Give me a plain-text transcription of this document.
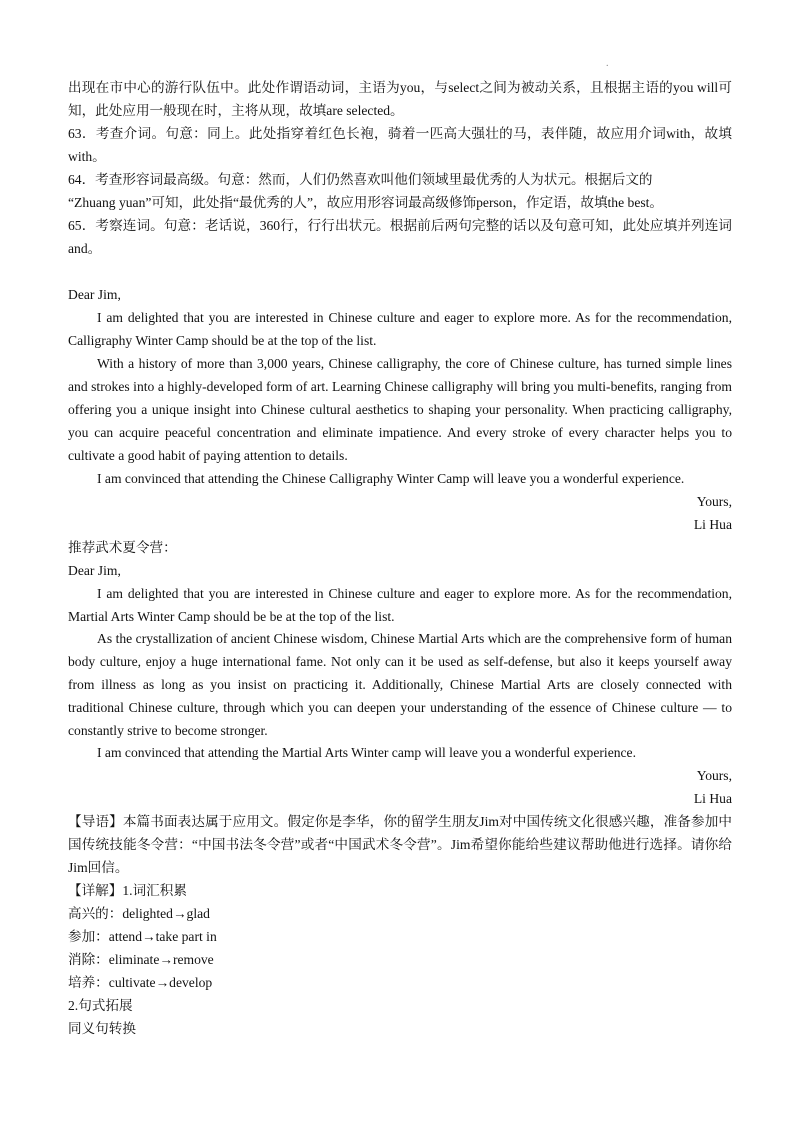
.

出现在市中心的游行队伍中。此处作谓语动词，主语为you，与select之间为被动关系，且根据主语的you will可知，此处应用一般现在时，主将从现，故填are selected。

63．考查介词。句意：同上。此处指穿着红色长袍，骑着一匹高大强壮的马，表伴随，故应用介词with，故填with。

64．考查形容词最高级。句意：然而，人们仍然喜欢叫他们领域里最优秀的人为状元。根据后文的

“Zhuang yuan”可知，此处指“最优秀的人”，故应用形容词最高级修饰person，作定语，故填the best。

65．考察连词。句意：老话说，360行，行行出状元。根据前后两句完整的话以及句意可知，此处应填并列连词and。

Dear Jim,

I am delighted that you are interested in Chinese culture and eager to explore more. As for the recommendation, Calligraphy Winter Camp should be at the top of the list.

With a history of more than 3,000 years, Chinese calligraphy, the core of Chinese culture, has turned simple lines and strokes into a highly-developed form of art. Learning Chinese calligraphy will bring you multi-benefits, ranging from offering you a unique insight into Chinese cultural aesthetics to shaping your personality. When practicing calligraphy, you can acquire peaceful concentration and eliminate impatience. And every stroke of every character helps you to cultivate a good habit of paying attention to details.

I am convinced that attending the Chinese Calligraphy Winter Camp will leave you a wonderful experience.

Yours,

Li Hua

推荐武术夏令营：

Dear Jim,

I am delighted that you are interested in Chinese culture and eager to explore more. As for the recommendation, Martial Arts Winter Camp should be be at the top of the list.

As the crystallization of ancient Chinese wisdom, Chinese Martial Arts which are the comprehensive form of human body culture, enjoy a huge international fame. Not only can it be used as self-defense, but also it keeps yourself away from illness as long as you insist on practicing it. Additionally, Chinese Martial Arts are closely connected with traditional Chinese culture, through which you can deepen your understanding of the essence of Chinese culture — to constantly strive to become stronger.

I am convinced that attending the Martial Arts Winter camp will leave you a wonderful experience.

Yours,

Li Hua

【导语】本篇书面表达属于应用文。假定你是李华，你的留学生朋友Jim对中国传统文化很感兴趣，准备参加中国传统技能冬令营：“中国书法冬令营”或者“中国武术冬令营”。Jim希望你能给些建议帮助他进行选择。请你给Jim回信。

【详解】1.词汇积累

高兴的：delighted→glad

参加：attend→take part in

消除：eliminate→remove

培养：cultivate→develop

2.句式拓展

同义句转换
